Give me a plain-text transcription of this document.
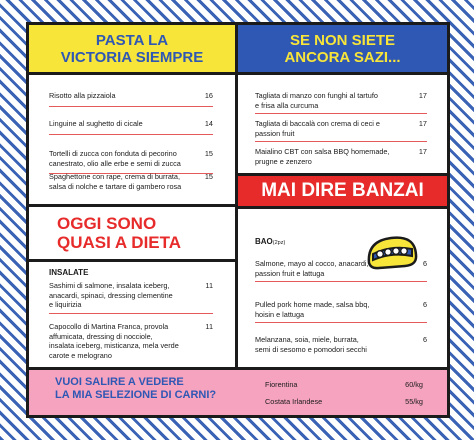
PASTA LA
VICTORIA SIEMPRE
Risotto alla pizzaiola	16
Linguine al sughetto di cicale	14

Tortelli di zucca con fonduta di pecorino
canestrato, olio alle erbe e semi di zucca

15

Spaghettone con rape, crema di burrata,
salsa di nolche e tartare di gambero rosa

15

OGGI SONO
QUASI A DIETA
INSALATE

Sashimi di salmone, insalata iceberg,
anacardi, spinaci, dressing clementine
e liquirizia

11

Capocollo di Martina Franca, provola
affumicata, dressing di nocciole,
insalata iceberg, misticanza, mela verde
carote e melograno

11

SE NON SIETE
ANCORA SAZI...

Tagliata di manzo con funghi al tartufo
e frisa alla curcuma

17

Tagliata di baccalà con crema di ceci e
passion fruit

17

Maialino CBT con salsa BBQ homemade,
prugne e zenzero

17

MAI DIRE BANZAI
BAO(2pz)

Salmone, mayo al cocco, anacardi,
passion fruit e lattuga

6

Pulled pork home made, salsa bbq,
hoisin e lattuga

6

Melanzana, soia, miele, burrata,
semi di sesomo e pomodori secchi

6

VUOI SALIRE A VEDERE
LA MIA SELEZIONE DI CARNI?
Fiorentina	60/kg
Costata Irlandese	55/kg
